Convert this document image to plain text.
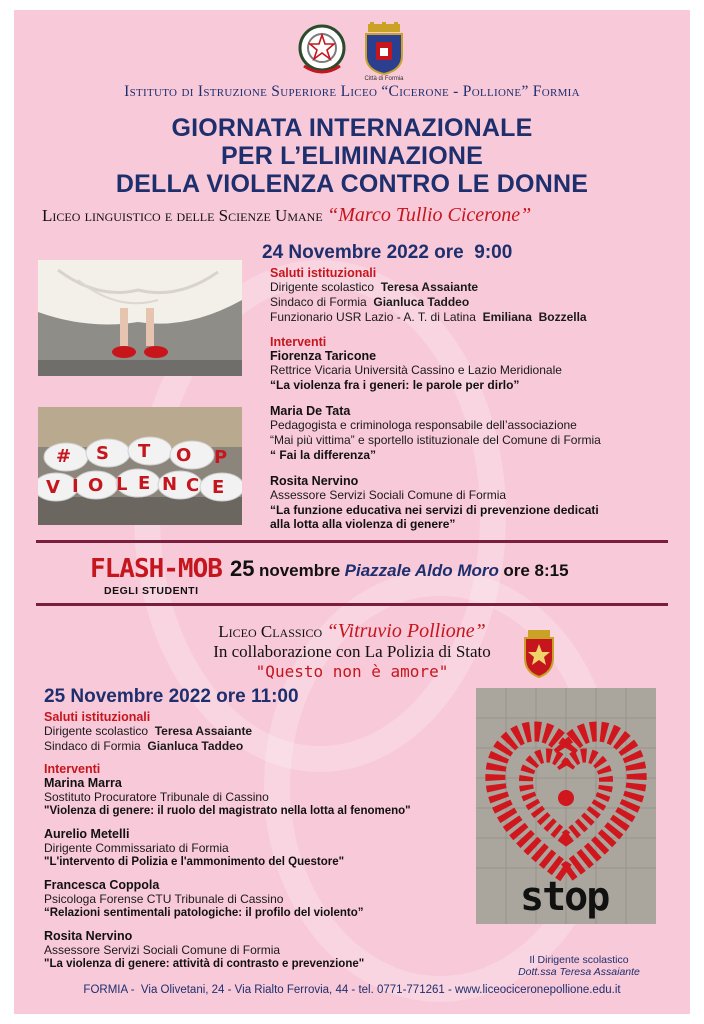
Città di Formia
Istituto di Istruzione Superiore Liceo “Cicerone - Pollione” Formia
GIORNATA INTERNAZIONALE
PER L’ELIMINAZIONE
DELLA VIOLENZA CONTRO LE DONNE
Liceo linguistico e delle Scienze Umane “Marco Tullio Cicerone”
24 Novembre 2022 ore  9:00
# S T O P
V I O L E N C E
Saluti istituzionali
Dirigente scolastico Teresa Assaiante
Sindaco di Formia Gianluca Taddeo
Funzionario USR Lazio - A. T. di Latina Emiliana  Bozzella
Interventi
Fiorenza Taricone
Rettrice Vicaria Università Cassino e Lazio Meridionale
“La violenza fra i generi: le parole per dirlo”
Maria De Tata
Pedagogista e criminologa responsabile dell’associazione
“Mai più vittima” e sportello istituzionale del Comune di Formia
“ Fai la differenza”
Rosita Nervino
Assessore Servizi Sociali Comune di Formia
“La funzione educativa nei servizi di prevenzione dedicati
alla lotta alla violenza di genere”
FLASH-MOB
DEGLI STUDENTI
25 novembre Piazzale Aldo Moro ore 8:15
Liceo Classico “Vitruvio Pollione”
In collaborazione con La Polizia di Stato
"Questo non è amore"
25 Novembre 2022 ore 11:00
Saluti istituzionali
Dirigente scolastico Teresa Assaiante
Sindaco di Formia Gianluca Taddeo
Interventi
Marina Marra
Sostituto Procuratore Tribunale di Cassino
"Violenza di genere: il ruolo del magistrato nella lotta al fenomeno"
Aurelio Metelli
Dirigente Commissariato di Formia
"L'intervento di Polizia e l'ammonimento del Questore"
Francesca Coppola
Psicologa Forense CTU Tribunale di Cassino
“Relazioni sentimentali patologiche: il profilo del violento”
Rosita Nervino
Assessore Servizi Sociali Comune di Formia
"La violenza di genere: attività di contrasto e prevenzione"
stop
Il Dirigente scolastico
Dott.ssa Teresa Assaiante
FORMIA -  Via Olivetani, 24 - Via Rialto Ferrovia, 44 - tel. 0771-771261 - www.liceociceronepollione.edu.it
